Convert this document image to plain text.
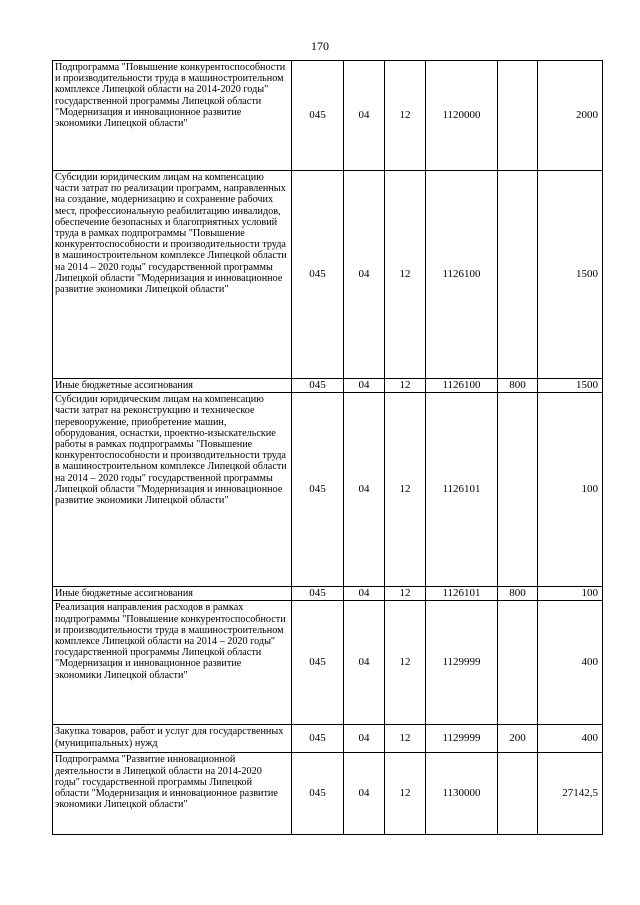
170
Подпрограмма "Повышение конкурентоспособности и производительности труда в машиностроительном комплексе Липецкой области на 2014-2020 годы" государственной программы Липецкой области "Модернизация и инновационное развитие экономики Липецкой области"	045	04	12	1120000		2000
Субсидии юридическим лицам на компенсацию части затрат по реализации программ, направленных на создание, модернизацию и сохранение рабочих мест, профессиональную реабилитацию инвалидов, обеспечение безопасных и благоприятных условий труда в рамках подпрограммы "Повышение конкурентоспособности и производительности труда в машиностроительном комплексе Липецкой области на 2014 – 2020 годы" государственной программы Липецкой области "Модернизация и инновационное развитие экономики Липецкой области"	045	04	12	1126100		1500
Иные бюджетные ассигнования	045	04	12	1126100	800	1500
Субсидии юридическим лицам на компенсацию части затрат на реконструкцию и техническое перевооружение, приобретение машин, оборудования, оснастки, проектно-изыскательские работы в рамках подпрограммы "Повышение конкурентоспособности и производительности труда в машиностроительном комплексе Липецкой области на 2014 – 2020 годы" государственной программы Липецкой области "Модернизация и инновационное развитие экономики Липецкой области"	045	04	12	1126101		100
Иные бюджетные ассигнования	045	04	12	1126101	800	100
Реализация направления расходов в рамках подпрограммы "Повышение конкурентоспособности и производительности труда в машиностроительном комплексе Липецкой области на 2014 – 2020 годы" государственной программы Липецкой области "Модернизация и инновационное развитие экономики Липецкой области"	045	04	12	1129999		400
Закупка товаров, работ и услуг для государственных (муниципальных) нужд	045	04	12	1129999	200	400
Подпрограмма "Развитие инновационной деятельности в Липецкой области на 2014-2020 годы" государственной программы Липецкой области "Модернизация и инновационное развитие экономики Липецкой области"	045	04	12	1130000		27142,5
